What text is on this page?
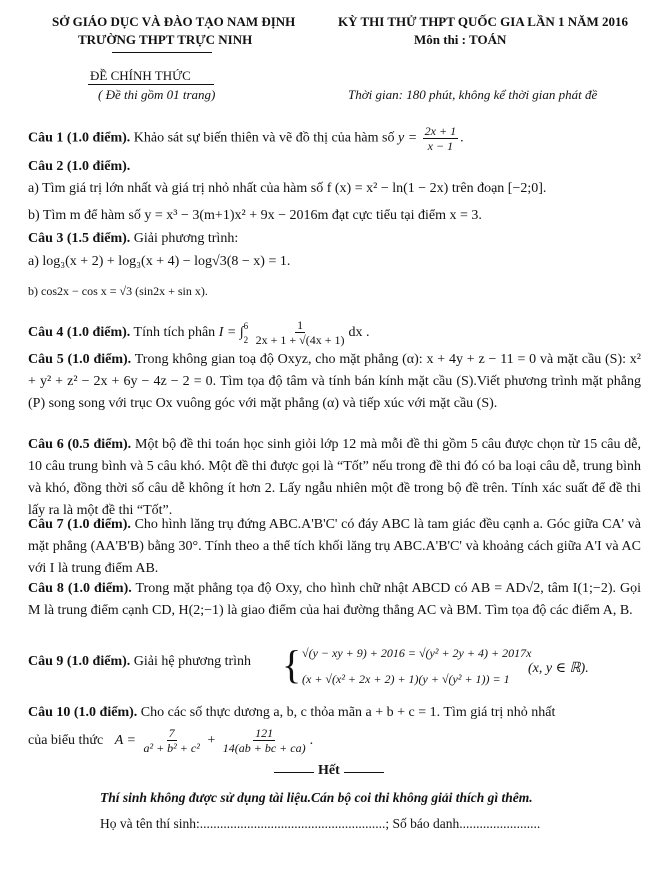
SỞ GIÁO DỤC VÀ ĐÀO TẠO NAM ĐỊNH
TRƯỜNG THPT TRỰC NINH
KỲ THI THỬ THPT QUỐC GIA LẦN 1 NĂM 2016
Môn thi : TOÁN
ĐỀ CHÍNH THỨC
( Đề thi gồm 01 trang)	Thời gian: 180 phút, không kể thời gian phát đề
Câu 1 (1.0 điểm). Khảo sát sự biến thiên và vẽ đồ thị của hàm số $y = \frac{2x + 1}{x - 1}$ .
Câu 2 (1.0 điểm).
a) Tìm giá trị lớn nhất và giá trị nhỏ nhất của hàm số f (x) = x² − ln(1 − 2x) trên đoạn [−2;0].
b) Tìm m để hàm số y = x³ − 3(m+1)x² + 9x − 2016m đạt cực tiểu tại điểm x = 3.
Câu 3 (1.5 điểm). Giải phương trình:
a) log₃(x + 2) + log₃(x + 4) − log√3(8 − x) = 1.
b) cos2x − cos x = √3 (sin2x + sin x).
Câu 4 (1.0 điểm). Tính tích phân I = ∫ 6
2
$\frac{1}{2x + 1 + √(4x + 1)}$ dx .
Câu 5 (1.0 điểm). Trong không gian toạ độ Oxyz, cho mặt phẳng (α): x + 4y + z − 11 = 0 và mặt cầu (S): x² + y² + z² − 2x + 6y − 4z − 2 = 0. Tìm tọa độ tâm và tính bán kính mặt cầu (S).Viết phương trình mặt phẳng (P) song song với trục Ox vuông góc với mặt phẳng (α) và tiếp xúc với mặt cầu (S).
Câu 6 (0.5 điểm). Một bộ đề thi toán học sinh giỏi lớp 12 mà mỗi đề thi gồm 5 câu được chọn từ 15 câu dễ, 10 câu trung bình và 5 câu khó. Một đề thi được gọi là “Tốt” nếu trong đề thi đó có ba loại câu dễ, trung bình và khó, đồng thời số câu dễ không ít hơn 2. Lấy ngẫu nhiên một đề trong bộ đề trên. Tính xác suất để đề thi lấy ra là một đề thi “Tốt”.
Câu 7 (1.0 điểm). Cho hình lăng trụ đứng ABC.A'B'C' có đáy ABC là tam giác đều cạnh a. Góc giữa CA' và mặt phẳng (AA'B'B) bằng 30°. Tính theo a thể tích khối lăng trụ ABC.A'B'C' và khoảng cách giữa A'I và AC với I là trung điểm AB.
Câu 8 (1.0 điểm). Trong mặt phẳng tọa độ Oxy, cho hình chữ nhật ABCD có AB = AD√2, tâm I(1;−2). Gọi M là trung điểm cạnh CD, H(2;−1) là giao điểm của hai đường thẳng AC và BM. Tìm tọa độ các điểm A, B.
Câu 9 (1.0 điểm). Giải hệ phương trình { √(y − xy + 9) + 2016 = √(y² + 2y + 4) + 2017x
(x + √(x² + 2x + 2) + 1)(y + √(y² + 1)) = 1
(x, y ∈ ℝ).
Câu 10 (1.0 điểm). Cho các số thực dương a, b, c thỏa mãn a + b + c = 1. Tìm giá trị nhỏ nhất
của biểu thức $A = \frac{7}{\text{a² + b² + c²}} + \frac{121}{14(ab + bc + ca)}$ .
Hết
Thí sinh không được sử dụng tài liệu.Cán bộ coi thi không giải thích gì thêm.
Họ và tên thí sinh:.......................................................; Số báo danh........................
